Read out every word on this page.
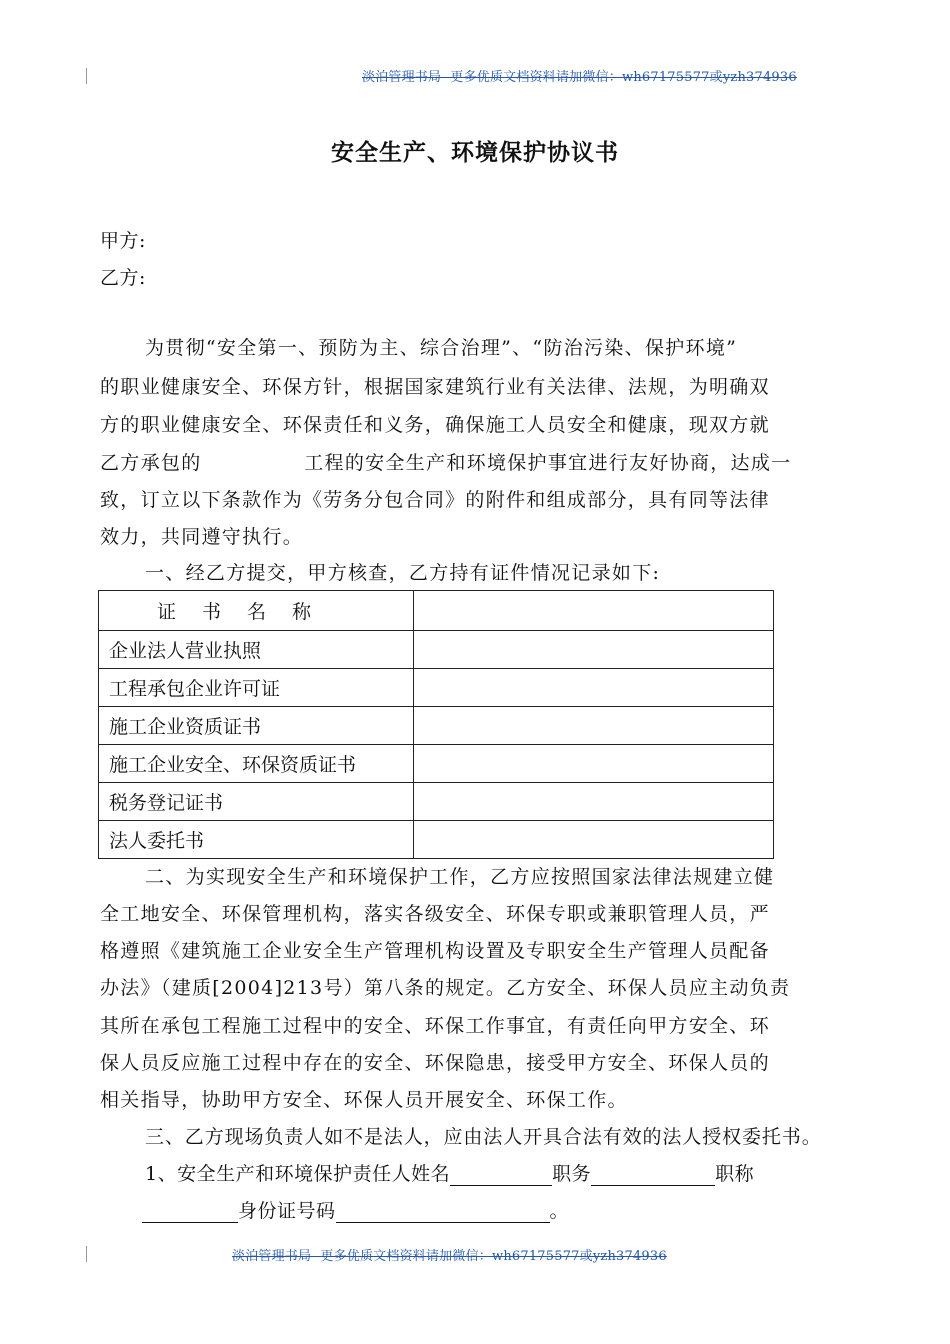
淡泊管理书局--更多优质文档资料请加微信：wh67175577或yzh374936
安全生产、环境保护协议书
甲方:
乙方:
为贯彻“安全第一、预防为主、综合治理”、“防治污染、保护环境”
的职业健康安全、环保方针，根据国家建筑行业有关法律、法规，为明确双
方的职业健康安全、环保责任和义务，确保施工人员安全和健康，现双方就
乙方承包的              工程的安全生产和环境保护事宜进行友好协商，达成一
致，订立以下条款作为《劳务分包合同》的附件和组成部分，具有同等法律
效力，共同遵守执行。
一、经乙方提交，甲方核查，乙方持有证件情况记录如下:
证书名称	
企业法人营业执照	
工程承包企业许可证	
施工企业资质证书	
施工企业安全、环保资质证书	
税务登记证书	
法人委托书	
二、为实现安全生产和环境保护工作，乙方应按照国家法律法规建立健
全工地安全、环保管理机构，落实各级安全、环保专职或兼职管理人员，严
格遵照《建筑施工企业安全生产管理机构设置及专职安全生产管理人员配备
办法》（建质[2004]213号）第八条的规定。乙方安全、环保人员应主动负责
其所在承包工程施工过程中的安全、环保工作事宜，有责任向甲方安全、环
保人员反应施工过程中存在的安全、环保隐患，接受甲方安全、环保人员的
相关指导，协助甲方安全、环保人员开展安全、环保工作。
三、乙方现场负责人如不是法人，应由法人开具合法有效的法人授权委托书。
1、安全生产和环境保护责任人姓名	职务	职称
身份证号码	。
淡泊管理书局--更多优质文档资料请加微信：wh67175577或yzh374936
